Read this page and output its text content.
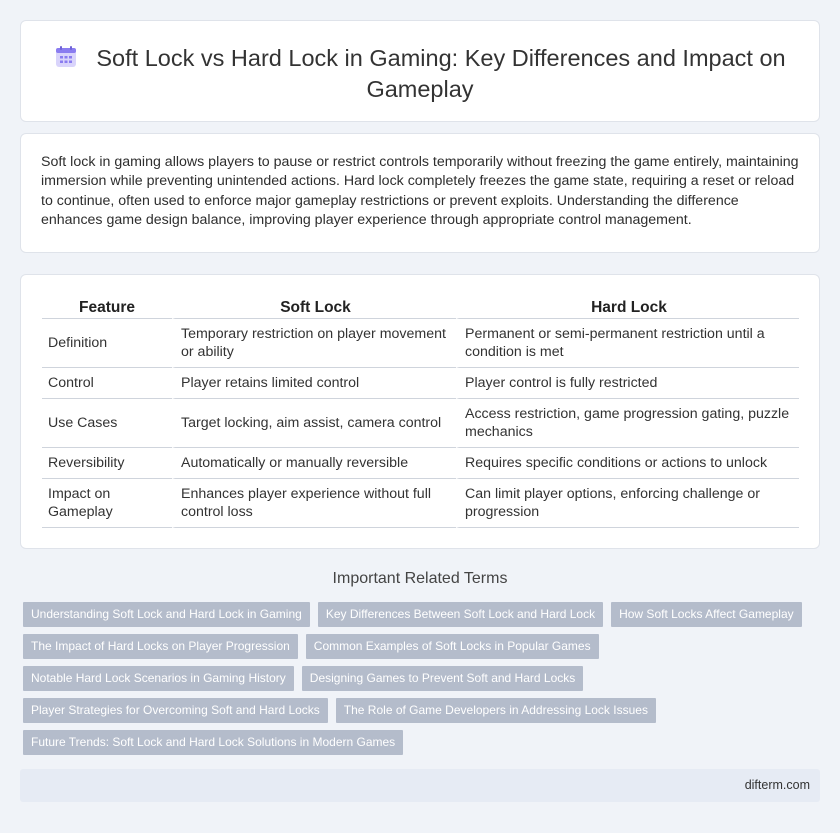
Soft Lock vs Hard Lock in Gaming: Key Differences and Impact on Gameplay

Soft lock in gaming allows players to pause or restrict controls temporarily without freezing the game entirely, maintaining immersion while preventing unintended actions. Hard lock completely freezes the game state, requiring a reset or reload to continue, often used to enforce major gameplay restrictions or prevent exploits. Understanding the difference enhances game design balance, improving player experience through appropriate control management.

Feature	Soft Lock	Hard Lock
Definition	Temporary restriction on player movement or ability	Permanent or semi-permanent restriction until a condition is met
Control	Player retains limited control	Player control is fully restricted
Use Cases	Target locking, aim assist, camera control	Access restriction, game progression gating, puzzle mechanics
Reversibility	Automatically or manually reversible	Requires specific conditions or actions to unlock
Impact on Gameplay	Enhances player experience without full control loss	Can limit player options, enforcing challenge or progression
Important Related Terms
Understanding Soft Lock and Hard Lock in Gaming	Key Differences Between Soft Lock and Hard Lock	How Soft Locks Affect Gameplay
The Impact of Hard Locks on Player Progression	Common Examples of Soft Locks in Popular Games
Notable Hard Lock Scenarios in Gaming History	Designing Games to Prevent Soft and Hard Locks
Player Strategies for Overcoming Soft and Hard Locks	The Role of Game Developers in Addressing Lock Issues
Future Trends: Soft Lock and Hard Lock Solutions in Modern Games
difterm.com
